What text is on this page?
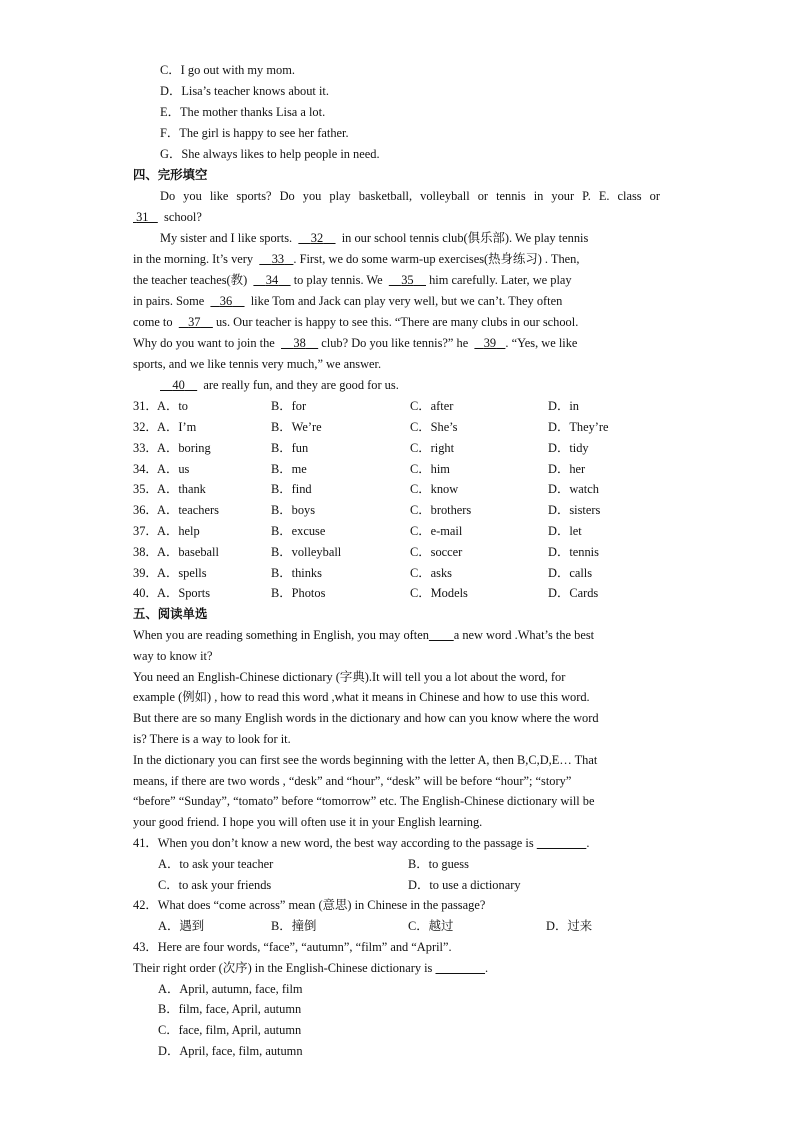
C．I go out with my mom.
D．Lisa’s teacher knows about it.
E．The mother thanks Lisa a lot.
F．The girl is happy to see her father.
G．She always likes to help people in need.
四、完形填空
Do you like sports? Do you play basketball, volleyball or tennis in your P. E. class or
31 school?
My sister and I like sports. 32 in our school tennis club(俱乐部). We play tennis
in the morning. It’s very 33 . First, we do some warm-up exercises(热身练习) . Then,
the teacher teaches(教) 34 to play tennis. We 35 him carefully. Later, we play
in pairs. Some 36 like Tom and Jack can play very well, but we can’t. They often
come to 37 us. Our teacher is happy to see this. “There are many clubs in our school.
Why do you want to join the 38 club? Do you like tennis?” he 39 . “Yes, we like
sports, and we like tennis very much,” we answer.
40 are really fun, and they are good for us.
31． A．to	B．for	C．after	D．in
32． A．I’m	B．We’re	C．She’s	D．They’re
33． A．boring	B．fun	C．right	D．tidy
34． A．us	B．me	C．him	D．her
35． A．thank	B．find	C．know	D．watch
36． A．teachers	B．boys	C．brothers	D．sisters
37． A．help	B．excuse	C．e-mail	D．let
38． A．baseball	B．volleyball	C．soccer	D．tennis
39． A．spells	B．thinks	C．asks	D．calls
40． A．Sports	B．Photos	C．Models	D．Cards
五、阅读单选
When you are reading something in English, you may often a new word .What’s the best
way to know it?
You need an English-Chinese dictionary (字典).It will tell you a lot about the word, for
example (例如) , how to read this word ,what it means in Chinese and how to use this word.
But there are so many English words in the dictionary and how can you know where the word
is? There is a way to look for it.
In the dictionary you can first see the words beginning with the letter A, then B,C,D,E… That
means, if there are two words , “desk” and “hour”, “desk” will be before “hour”; “story”
“before” “Sunday”, “tomato” before “tomorrow” etc. The English-Chinese dictionary will be
your good friend. I hope you will often use it in your English learning.
41．When you don’t know a new word, the best way according to the passage is	.
A．to ask your teacher	B．to guess
C．to ask your friends	D．to use a dictionary
42．What does “come across” mean (意思) in Chinese in the passage?
A．遇到	B．撞倒	C．越过	D．过来
43．Here are four words, “face”, “autumn”, “film” and “April”.
Their right order (次序) in the English-Chinese dictionary is	.
A．April, autumn, face, film
B．film, face, April, autumn
C．face, film, April, autumn
D．April, face, film, autumn
